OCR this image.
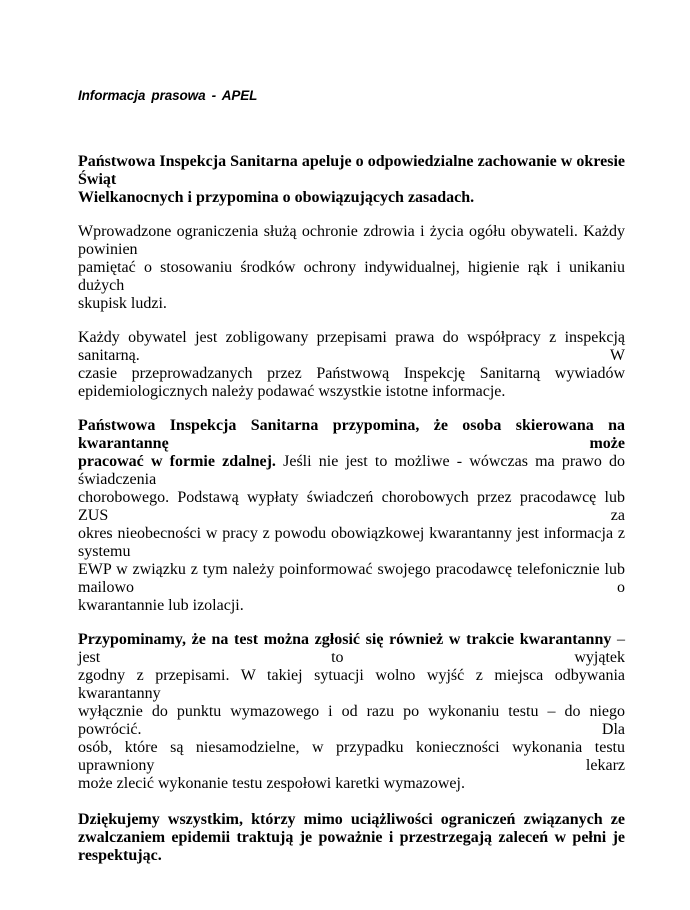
Informacja prasowa - APEL

Państwowa Inspekcja Sanitarna apeluje o odpowiedzialne zachowanie w okresie Świąt
Wielkanocnych i przypomina o obowiązujących zasadach.

Wprowadzone ograniczenia służą ochronie zdrowia i życia ogółu obywateli. Każdy powinien
pamiętać o stosowaniu środków ochrony indywidualnej, higienie rąk i unikaniu dużych
skupisk ludzi.

Każdy obywatel jest zobligowany przepisami prawa do współpracy z inspekcją sanitarną. W
czasie przeprowadzanych przez Państwową Inspekcję Sanitarną wywiadów
epidemiologicznych należy podawać wszystkie istotne informacje.

Państwowa Inspekcja Sanitarna przypomina, że osoba skierowana na kwarantannę może
pracować w formie zdalnej. Jeśli nie jest to możliwe - wówczas ma prawo do świadczenia
chorobowego. Podstawą wypłaty świadczeń chorobowych przez pracodawcę lub ZUS za
okres nieobecności w pracy z powodu obowiązkowej kwarantanny jest informacja z systemu
EWP w związku z tym należy poinformować swojego pracodawcę telefonicznie lub mailowo o
kwarantannie lub izolacji.

Przypominamy, że na test można zgłosić się również w trakcie kwarantanny – jest to wyjątek
zgodny z przepisami. W takiej sytuacji wolno wyjść z miejsca odbywania kwarantanny
wyłącznie do punktu wymazowego i od razu po wykonaniu testu – do niego powrócić. Dla
osób, które są niesamodzielne, w przypadku konieczności wykonania testu uprawniony lekarz
może zlecić wykonanie testu zespołowi karetki wymazowej.

Dziękujemy wszystkim, którzy mimo uciążliwości ograniczeń związanych ze
zwalczaniem epidemii traktują je poważnie i przestrzegają zaleceń w pełni je
respektując.
